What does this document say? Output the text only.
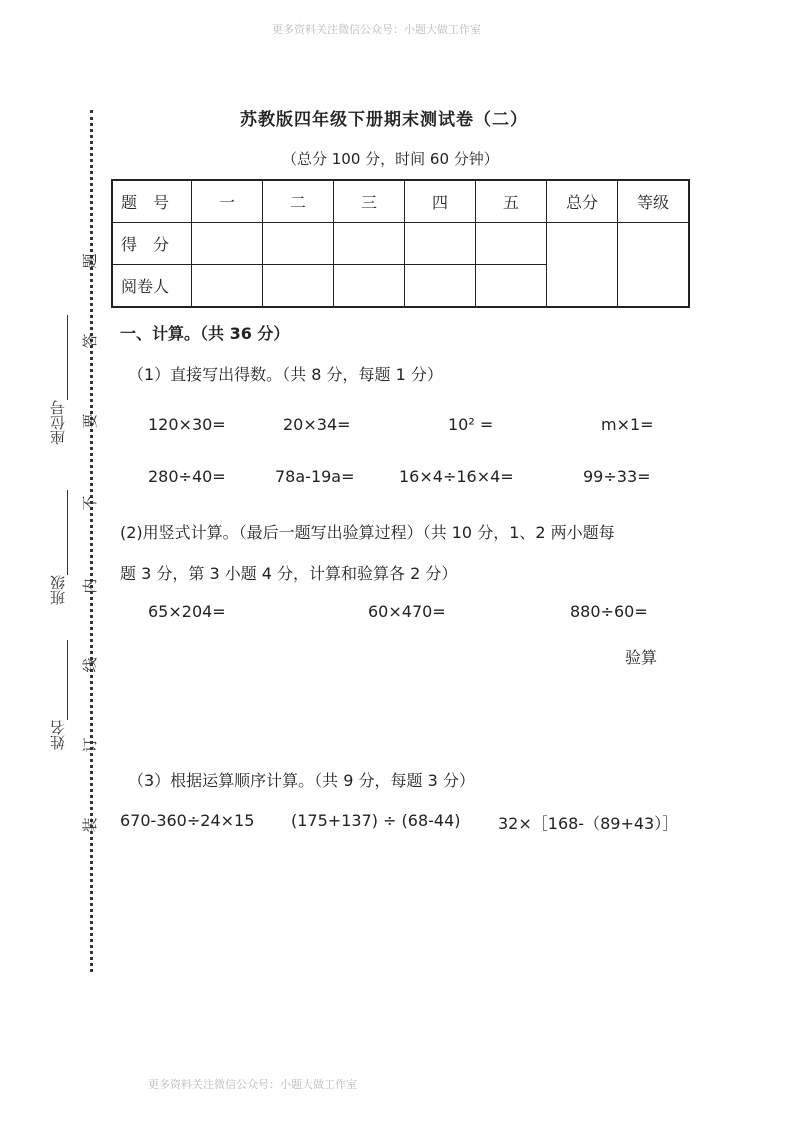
更多资料关注微信公众号：小题大做工作室
更多资料关注微信公众号：小题大做工作室
座位号
班级
姓名
题
答
要
不
内
线
订
装
苏教版四年级下册期末测试卷（二）
（总分 100 分，时间 60 分钟）
题　号	一	二	三	四	五	总分	等级
得　分							
阅卷人							
一、计算。（共 36 分）
（1）直接写出得数。（共 8 分，每题 1 分）
120×30=	20×34=	10² =	m×1=
280÷40=	78a-19a=	16×4÷16×4=	99÷33=
(2)用竖式计算。（最后一题写出验算过程）（共 10 分，1、2 两小题每
题 3 分，第 3 小题 4 分，计算和验算各 2 分）
65×204=	60×470=	880÷60=
验算
（3）根据运算顺序计算。（共 9 分，每题 3 分）
670-360÷24×15 (175+137) ÷ (68-44) 32×［168-（89+43）］
